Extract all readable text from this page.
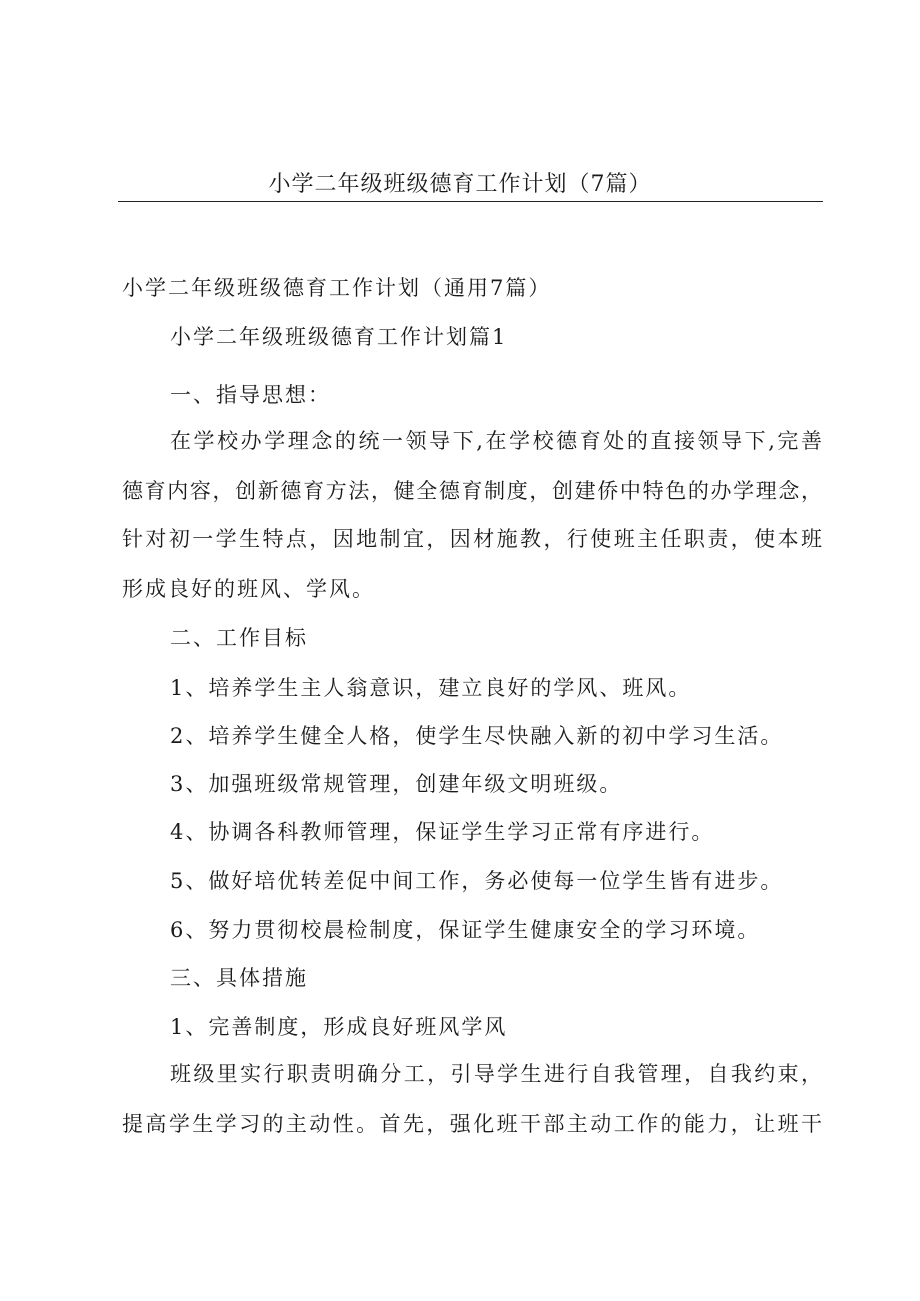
小学二年级班级德育工作计划（7篇）
小学二年级班级德育工作计划（通用7篇）
小学二年级班级德育工作计划篇1
一、指导思想：
在学校办学理念的统一领导下,在学校德育处的直接领导下,完善
德育内容，创新德育方法，健全德育制度，创建侨中特色的办学理念，
针对初一学生特点，因地制宜，因材施教，行使班主任职责，使本班
形成良好的班风、学风。
二、工作目标
1、培养学生主人翁意识，建立良好的学风、班风。
2、培养学生健全人格，使学生尽快融入新的初中学习生活。
3、加强班级常规管理，创建年级文明班级。
4、协调各科教师管理，保证学生学习正常有序进行。
5、做好培优转差促中间工作，务必使每一位学生皆有进步。
6、努力贯彻校晨检制度，保证学生健康安全的学习环境。
三、具体措施
1、完善制度，形成良好班风学风
班级里实行职责明确分工，引导学生进行自我管理，自我约束，
提高学生学习的主动性。首先，强化班干部主动工作的能力，让班干
